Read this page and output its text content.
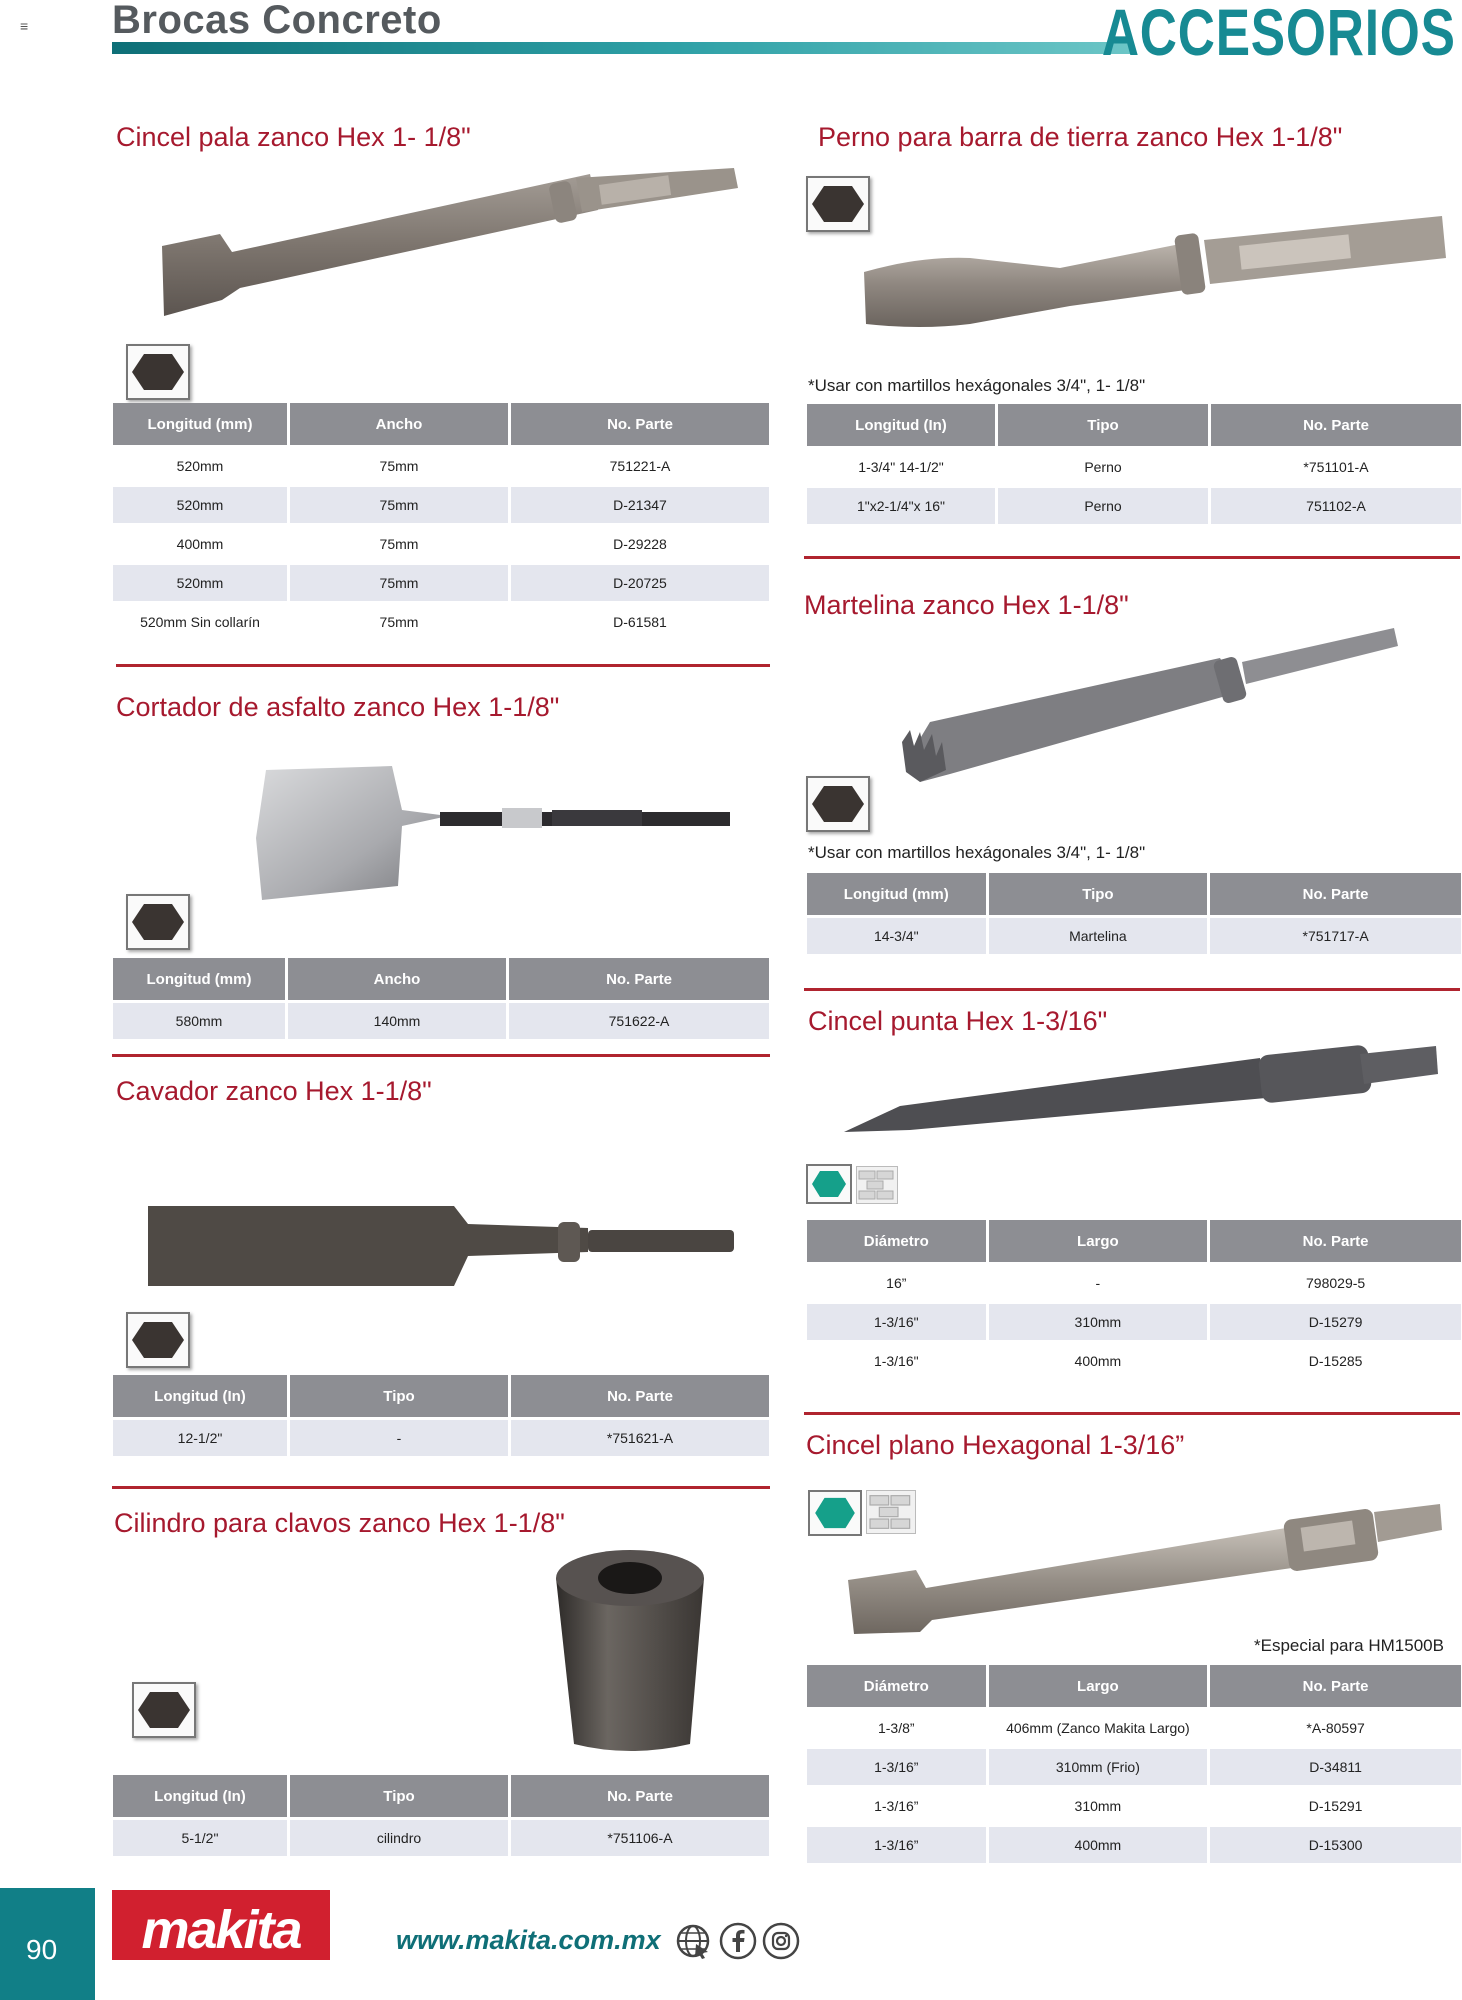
≡ Brocas Concreto	ACCESORIOS
Cincel pala zanco Hex 1- 1/8"
Longitud (mm)	Ancho	No. Parte
520mm	75mm	751221-A
520mm	75mm	D-21347
400mm	75mm	D-29228
520mm	75mm	D-20725
520mm Sin collarín	75mm	D-61581
Cortador de asfalto zanco Hex 1-1/8"
Longitud (mm)	Ancho	No. Parte
580mm	140mm	751622-A
Cavador zanco Hex 1-1/8"
Longitud (In)	Tipo	No. Parte
12-1/2"	-	*751621-A
Cilindro para clavos zanco Hex 1-1/8"
Longitud (In)	Tipo	No. Parte
5-1/2"	cilindro	*751106-A
Perno para barra de tierra zanco Hex 1-1/8"
*Usar con martillos hexágonales 3/4", 1- 1/8"
Longitud (In)	Tipo	No. Parte
1-3/4" 14-1/2"	Perno	*751101-A
1"x2-1/4"x 16"	Perno	751102-A
Martelina zanco Hex 1-1/8"
*Usar con martillos hexágonales 3/4", 1- 1/8"
Longitud (mm)	Tipo	No. Parte
14-3/4"	Martelina	*751717-A
Cincel punta Hex 1-3/16"
Diámetro	Largo	No. Parte
16”	-	798029-5
1-3/16"	310mm	D-15279
1-3/16"	400mm	D-15285
Cincel plano Hexagonal 1-3/16”
*Especial para HM1500B
Diámetro	Largo	No. Parte
1-3/8”	406mm (Zanco Makita Largo)	*A-80597
1-3/16”	310mm (Frio)	D-34811
1-3/16”	310mm	D-15291
1-3/16”	400mm	D-15300
90	makita	www.makita.com.mx
